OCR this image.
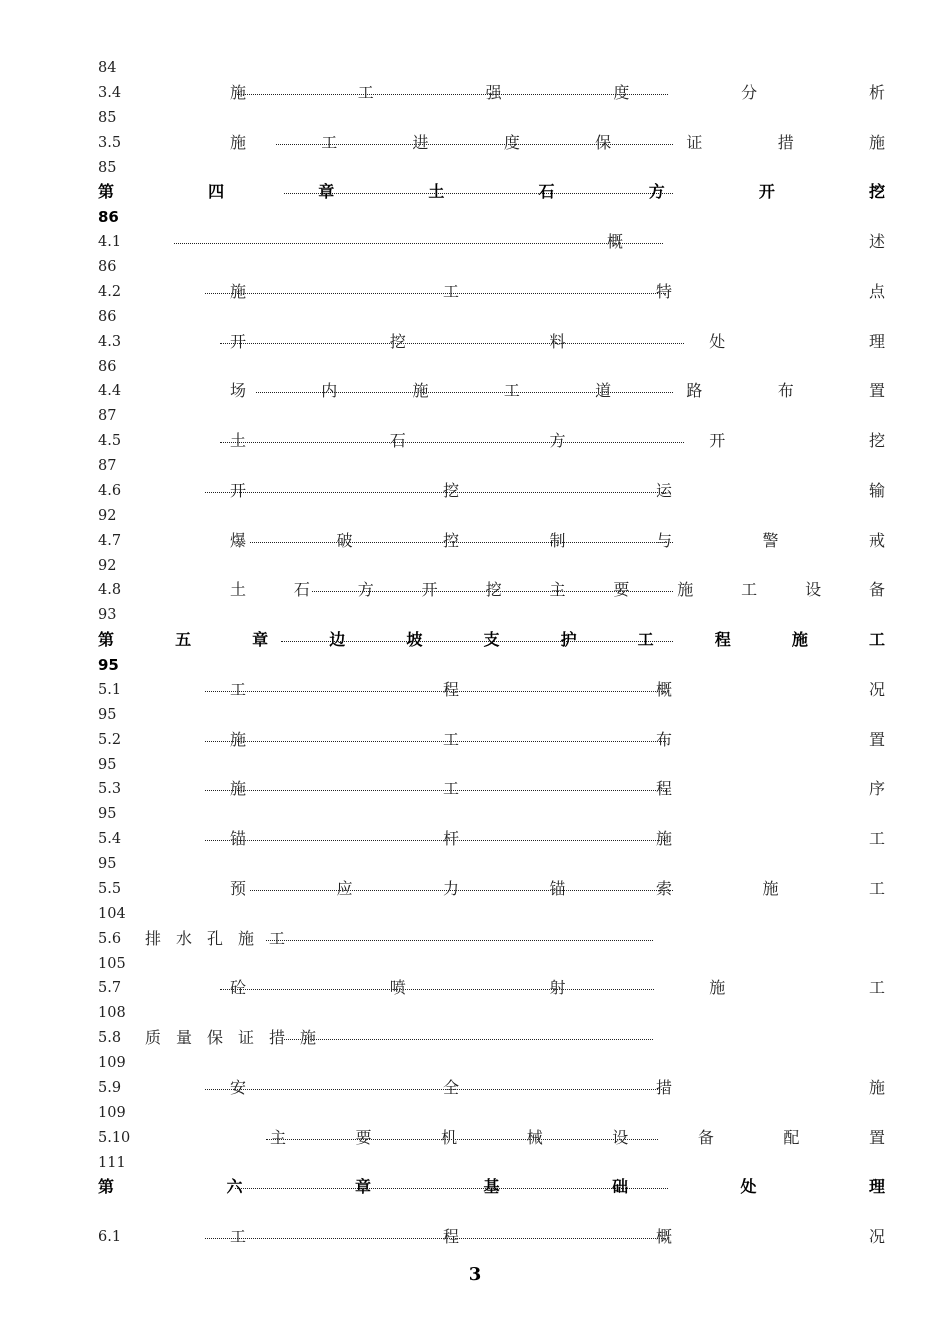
84
3.4	施	工	强	度	分	析
85
3.5	施	工	进	度	保	证	措	施
85
第	四	章	土	石	方	开	挖
86
4.1	概	述
86
4.2	施	工	特	点
86
4.3	开	挖	料	处	理
86
4.4	场	内	施	工	道	路	布	置
87
4.5	土	石	方	开	挖
87
4.6	开	挖	运	输
92
4.7	爆	破	控	制	与	警	戒
92
4.8	土	石	方	开	挖	主	要	施	工	设	备
93
第	五	章	边	坡	支	护	工	程	施	工
95
5.1	工	程	概	况
95
5.2	施	工	布	置
95
5.3	施	工	程	序
95
5.4	锚	杆	施	工
95
5.5	预	应	力	锚	索	施	工
104
5.6 排 水 孔 施 工
105
5.7	砼	喷	射	施	工
108
5.8 质 量 保 证 措 施
109
5.9	安	全	措	施
109
5.10	主	要	机	械	设	备	配	置
111
第	六	章	基	础	处	理
6.1	工	程	概	况
3
